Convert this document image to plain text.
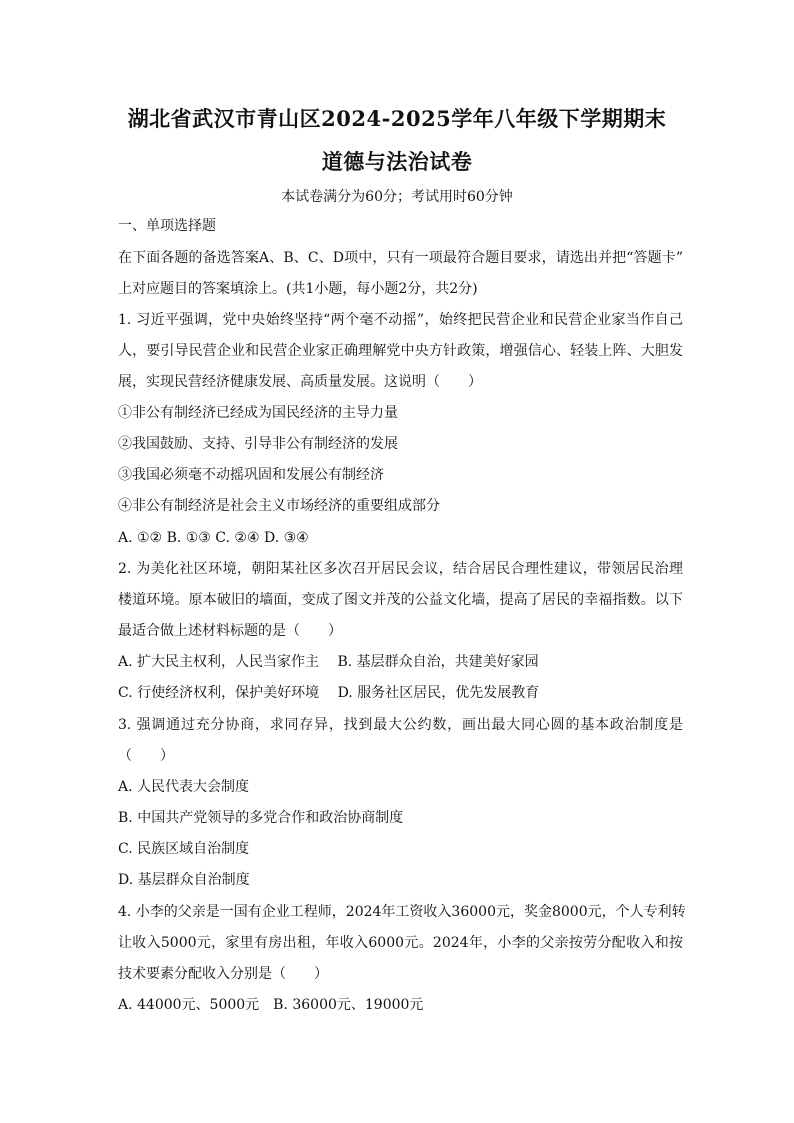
湖北省武汉市青山区2024-2025学年八年级下学期期末
道德与法治试卷
本试卷满分为60分；考试用时60分钟
一、单项选择题
在下面各题的备选答案A、B、C、D项中，只有一项最符合题目要求，请选出并把“答题卡”
上对应题目的答案填涂上。(共1小题，每小题2分，共2分)
1. 习近平强调，党中央始终坚持“两个毫不动摇”，始终把民营企业和民营企业家当作自己
人，要引导民营企业和民营企业家正确理解党中央方针政策，增强信心、轻装上阵、大胆发
展，实现民营经济健康发展、高质量发展。这说明（　　）
①非公有制经济已经成为国民经济的主导力量
②我国鼓励、支持、引导非公有制经济的发展
③我国必须毫不动摇巩固和发展公有制经济
④非公有制经济是社会主义市场经济的重要组成部分
A. ①② B. ①③ C. ②④ D. ③④
2. 为美化社区环境，朝阳某社区多次召开居民会议，结合居民合理性建议，带领居民治理
楼道环境。原本破旧的墙面，变成了图文并茂的公益文化墙，提高了居民的幸福指数。以下
最适合做上述材料标题的是（　　）
A. 扩大民主权利，人民当家作主　 B. 基层群众自治，共建美好家园
C. 行使经济权利，保护美好环境　 D. 服务社区居民，优先发展教育
3. 强调通过充分协商，求同存异，找到最大公约数，画出最大同心圆的基本政治制度是
（　　）
A. 人民代表大会制度
B. 中国共产党领导的多党合作和政治协商制度
C. 民族区域自治制度
D. 基层群众自治制度
4. 小李的父亲是一国有企业工程师，2024年工资收入36000元，奖金8000元，个人专利转
让收入5000元，家里有房出租，年收入6000元。2024年，小李的父亲按劳分配收入和按
技术要素分配收入分别是（　　）
A. 44000元、5000元　B. 36000元、19000元
